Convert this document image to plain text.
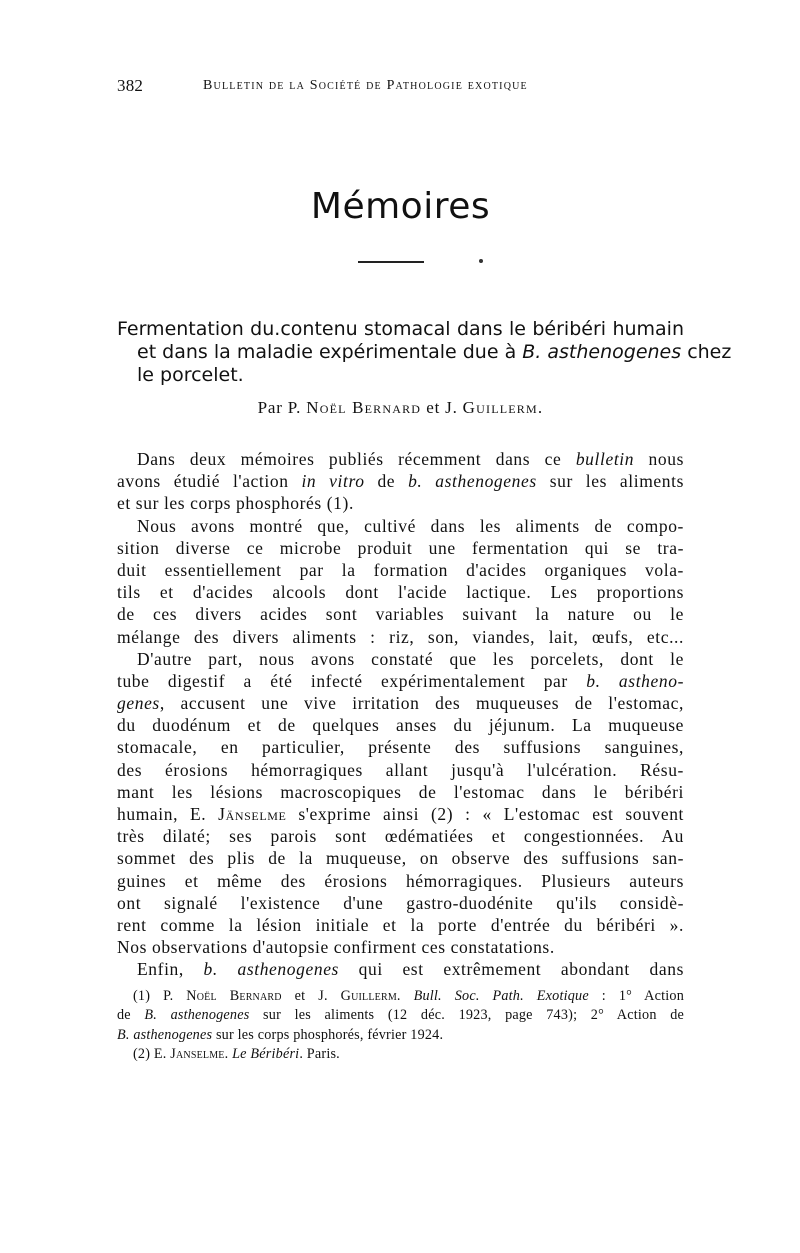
382	Bulletin de la Société de Pathologie exotique
Mémoires
Fermentation du.contenu stomacal dans le béribéri humain
et dans la maladie expérimentale due à B. asthenogenes chez
le porcelet.
Par P. Noël Bernard et J. Guillerm.
Dans deux mémoires publiés récemment dans ce bulletin nous
avons étudié l'action in vitro de b. asthenogenes sur les aliments
et sur les corps phosphorés (1).
Nous avons montré que, cultivé dans les aliments de compo-
sition diverse ce microbe produit une fermentation qui se tra-
duit essentiellement par la formation d'acides organiques vola-
tils et d'acides alcools dont l'acide lactique. Les proportions
de ces divers acides sont variables suivant la nature ou le
mélange des divers aliments : riz, son, viandes, lait, œufs, etc...
D'autre part, nous avons constaté que les porcelets, dont le
tube digestif a été infecté expérimentalement par b. astheno-
genes, accusent une vive irritation des muqueuses de l'estomac,
du duodénum et de quelques anses du jéjunum. La muqueuse
stomacale, en particulier, présente des suffusions sanguines,
des érosions hémorragiques allant jusqu'à l'ulcération. Résu-
mant les lésions macroscopiques de l'estomac dans le béribéri
humain, E. Jänselme s'exprime ainsi (2) : « L'estomac est souvent
très dilaté; ses parois sont œdématiées et congestionnées. Au
sommet des plis de la muqueuse, on observe des suffusions san-
guines et même des érosions hémorragiques. Plusieurs auteurs
ont signalé l'existence d'une gastro-duodénite qu'ils considè-
rent comme la lésion initiale et la porte d'entrée du béribéri ».
Nos observations d'autopsie confirment ces constatations.
Enfin, b. asthenogenes qui est extrêmement abondant dans
(1) P. Noël Bernard et J. Guillerm. Bull. Soc. Path. Exotique : 1° Action
de B. asthenogenes sur les aliments (12 déc. 1923, page 743); 2° Action de
B. asthenogenes sur les corps phosphorés, février 1924.
(2) E. Janselme. Le Béribéri. Paris.
